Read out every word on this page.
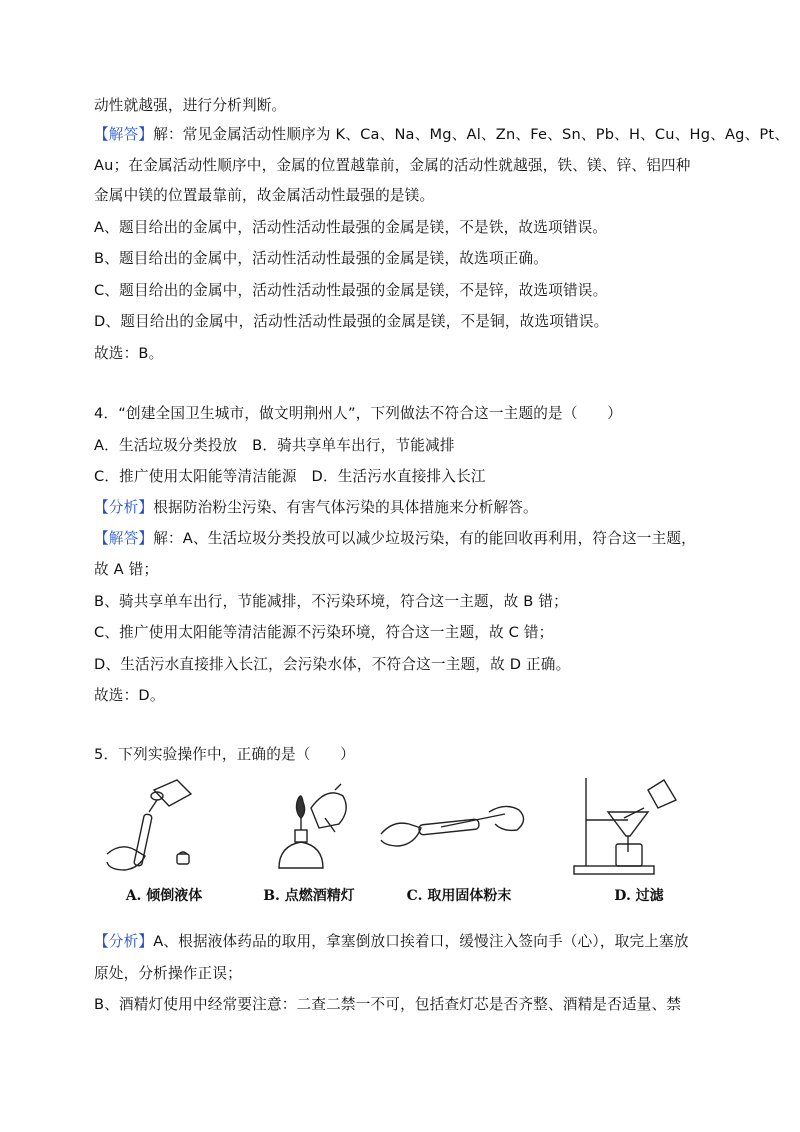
动性就越强，进行分析判断。
【解答】解：常见金属活动性顺序为 K、Ca、Na、Mg、Al、Zn、Fe、Sn、Pb、H、Cu、Hg、Ag、Pt、
Au；在金属活动性顺序中，金属的位置越靠前，金属的活动性就越强，铁、镁、锌、铝四种
金属中镁的位置最靠前，故金属活动性最强的是镁。
A、题目给出的金属中，活动性活动性最强的金属是镁，不是铁，故选项错误。
B、题目给出的金属中，活动性活动性最强的金属是镁，故选项正确。
C、题目给出的金属中，活动性活动性最强的金属是镁，不是锌，故选项错误。
D、题目给出的金属中，活动性活动性最强的金属是镁，不是铜，故选项错误。
故选：B。
4．“创建全国卫生城市，做文明荆州人”，下列做法不符合这一主题的是（　　）
A．生活垃圾分类投放　B．骑共享单车出行，节能减排
C．推广使用太阳能等清洁能源　D．生活污水直接排入长江
【分析】根据防治粉尘污染、有害气体污染的具体措施来分析解答。
【解答】解：A、生活垃圾分类投放可以减少垃圾污染，有的能回收再利用，符合这一主题，
故 A 错；
B、骑共享单车出行，节能减排，不污染环境，符合这一主题，故 B 错；
C、推广使用太阳能等清洁能源不污染环境，符合这一主题，故 C 错；
D、生活污水直接排入长江，会污染水体，不符合这一主题，故 D 正确。
故选：D。
5．下列实验操作中，正确的是（　　）
A. 倾倒液体	B. 点燃酒精灯	C. 取用固体粉末	D. 过滤
【分析】A、根据液体药品的取用，拿塞倒放口挨着口，缓慢注入签向手（心），取完上塞放
原处，分析操作正误；
B、酒精灯使用中经常要注意：二查二禁一不可，包括查灯芯是否齐整、酒精是否适量、禁
